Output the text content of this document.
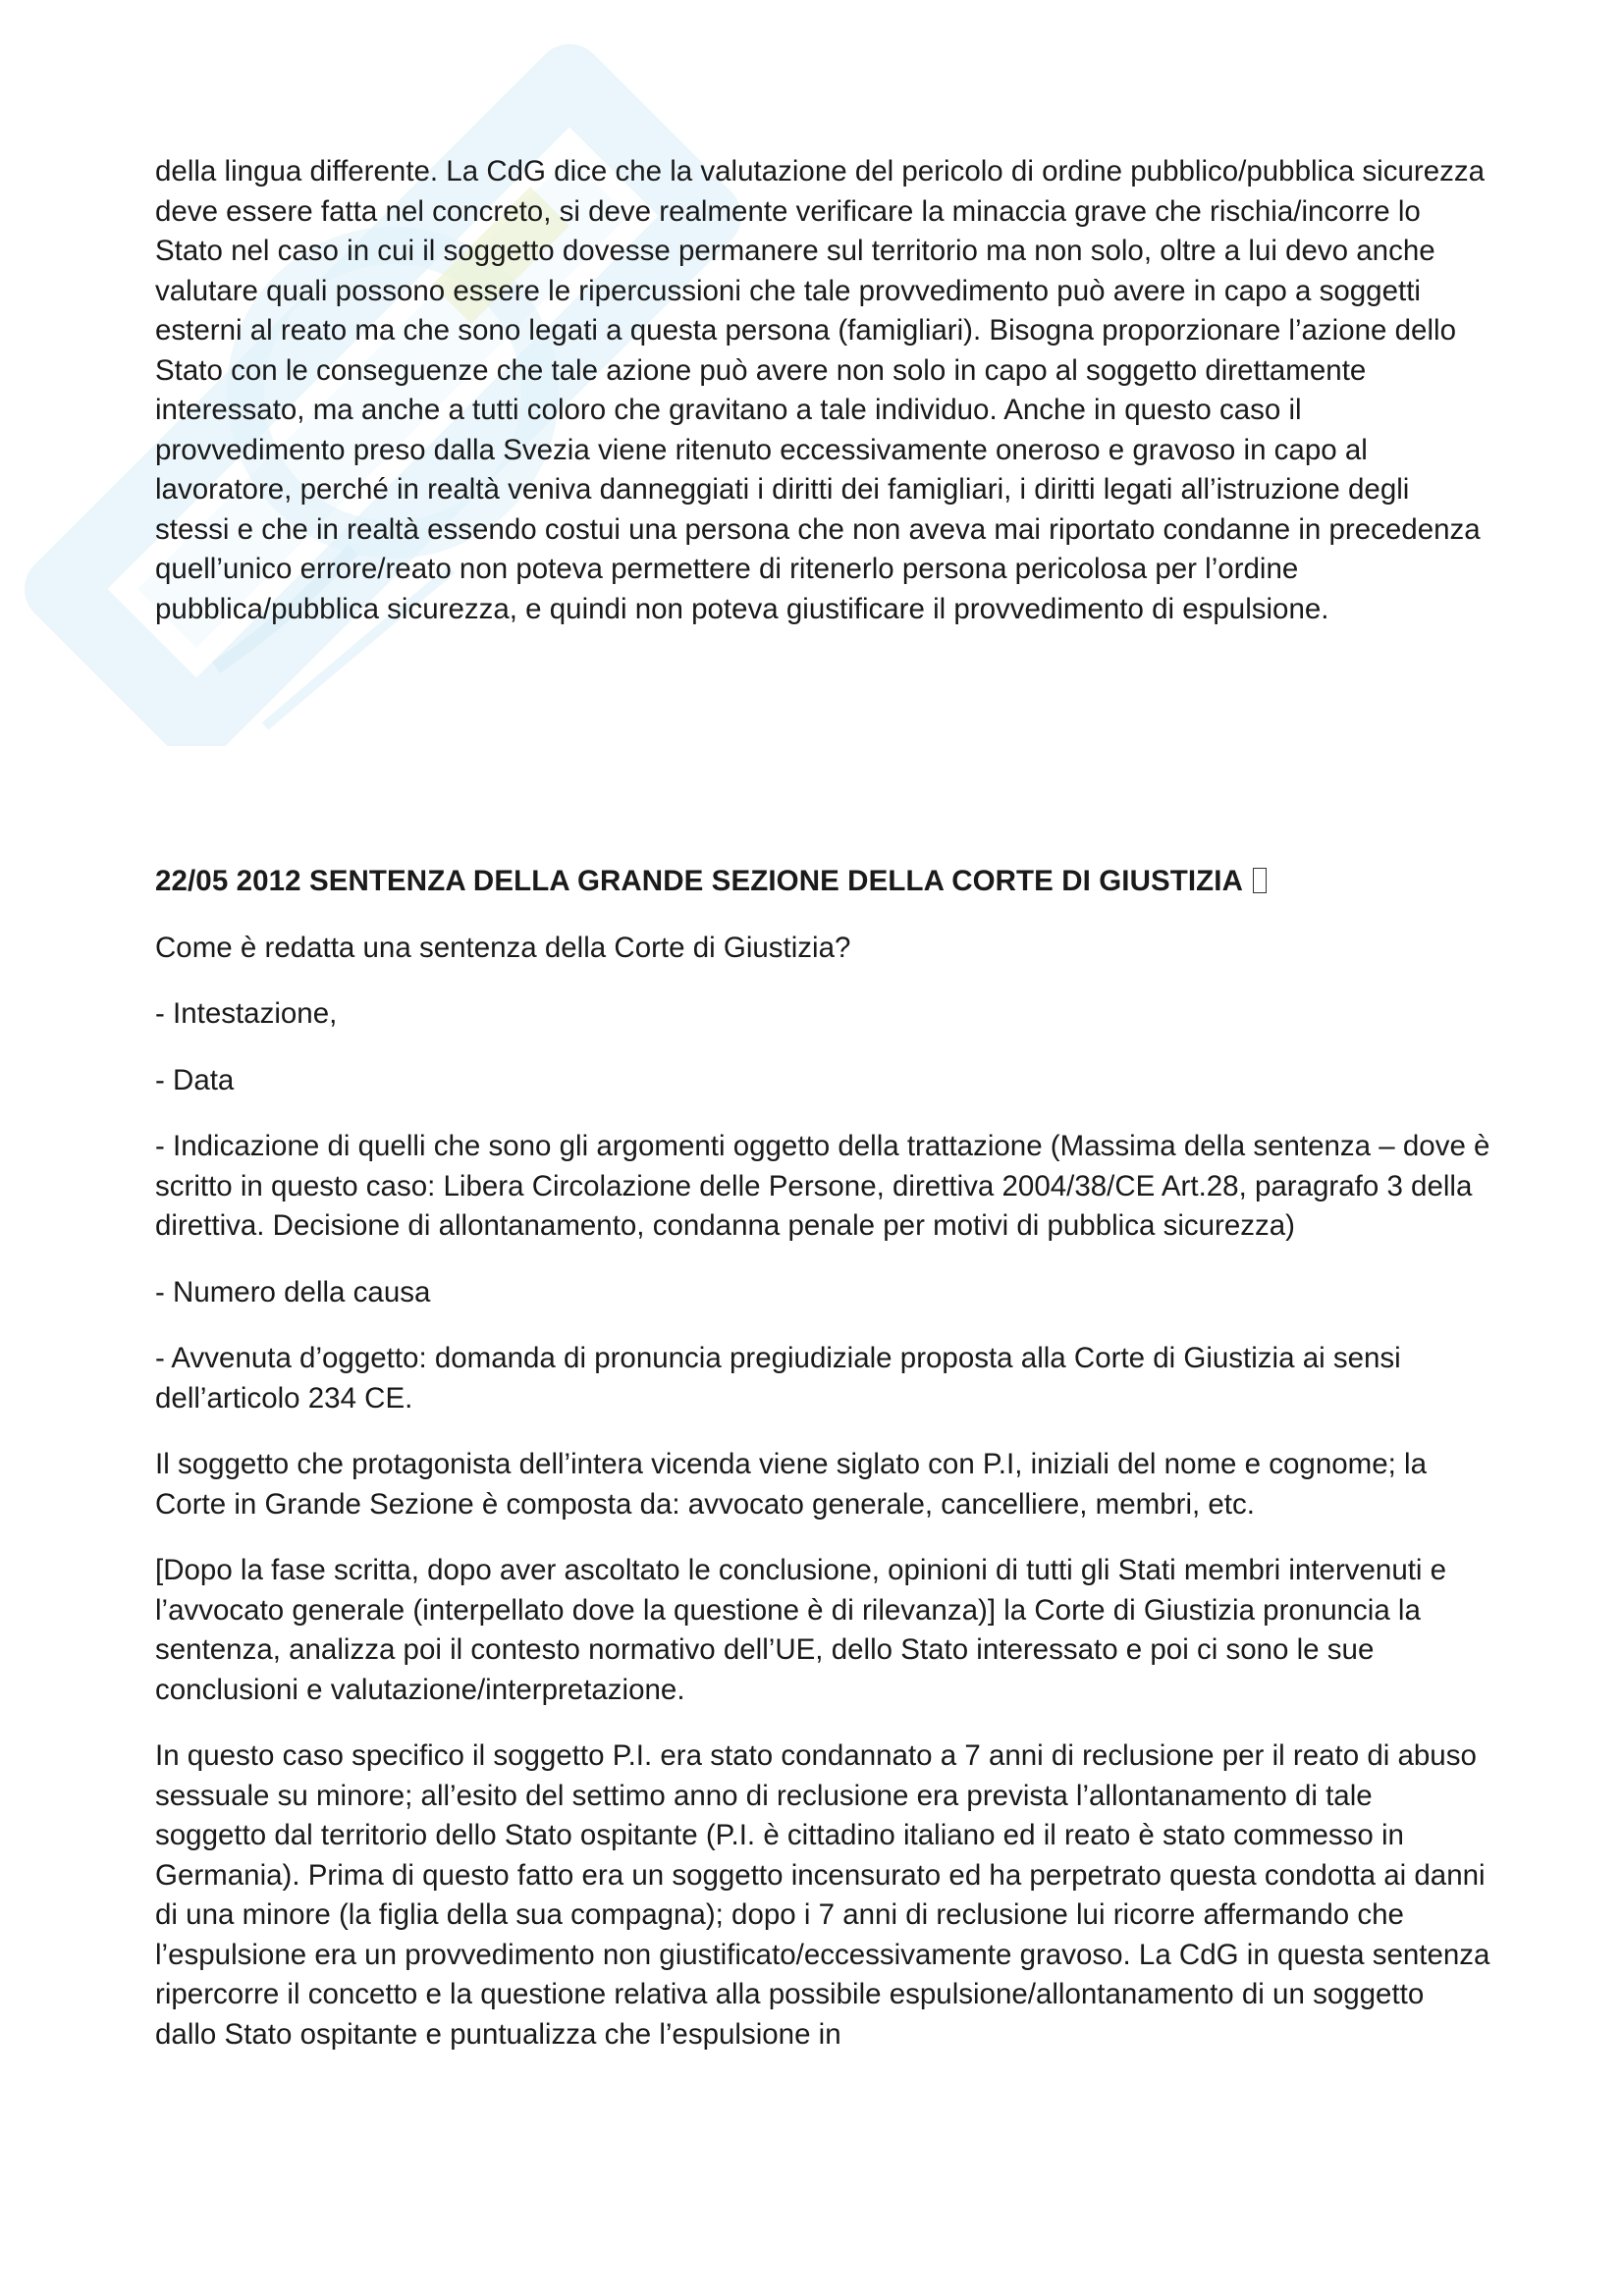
della lingua differente. La CdG dice che la valutazione del pericolo di ordine pubblico/pubblica sicurezza deve essere fatta nel concreto, si deve realmente verificare la minaccia grave che rischia/incorre lo Stato nel caso in cui il soggetto dovesse permanere sul territorio ma non solo, oltre a lui devo anche valutare quali possono essere le ripercussioni che tale provvedimento può avere in capo a soggetti esterni al reato ma che sono legati a questa persona (famigliari). Bisogna proporzionare l’azione dello Stato con le conseguenze che tale azione può avere non solo in capo al soggetto direttamente interessato, ma anche a tutti coloro che gravitano a tale individuo. Anche in questo caso il provvedimento preso dalla Svezia viene ritenuto eccessivamente oneroso e gravoso in capo al lavoratore, perché in realtà veniva danneggiati i diritti dei famigliari, i diritti legati all’istruzione degli stessi e che in realtà essendo costui una persona che non aveva mai riportato condanne in precedenza quell’unico errore/reato non poteva permettere di ritenerlo persona pericolosa per l’ordine pubblica/pubblica sicurezza, e quindi non poteva giustificare il provvedimento di espulsione.

22/05 2012 SENTENZA DELLA GRANDE SEZIONE DELLA CORTE DI GIUSTIZIA

Come è redatta una sentenza della Corte di Giustizia?

- Intestazione,

- Data

- Indicazione di quelli che sono gli argomenti oggetto della trattazione (Massima della sentenza – dove è scritto in questo caso: Libera Circolazione delle Persone, direttiva 2004/38/CE Art.28, paragrafo 3 della direttiva. Decisione di allontanamento, condanna penale per motivi di pubblica sicurezza)

- Numero della causa

- Avvenuta d’oggetto: domanda di pronuncia pregiudiziale proposta alla Corte di Giustizia ai sensi dell’articolo 234 CE.

Il soggetto che protagonista dell’intera vicenda viene siglato con P.I, iniziali del nome e cognome; la Corte in Grande Sezione è composta da: avvocato generale, cancelliere, membri, etc.

[Dopo la fase scritta, dopo aver ascoltato le conclusione, opinioni di tutti gli Stati membri intervenuti e l’avvocato generale (interpellato dove la questione è di rilevanza)] la Corte di Giustizia pronuncia la sentenza, analizza poi il contesto normativo dell’UE, dello Stato interessato e poi ci sono le sue conclusioni e valutazione/interpretazione.

In questo caso specifico il soggetto P.I. era stato condannato a 7 anni di reclusione per il reato di abuso sessuale su minore; all’esito del settimo anno di reclusione era prevista l’allontanamento di tale soggetto dal territorio dello Stato ospitante (P.I. è cittadino italiano ed il reato è stato commesso in Germania). Prima di questo fatto era un soggetto incensurato ed ha perpetrato questa condotta ai danni di una minore (la figlia della sua compagna); dopo i 7 anni di reclusione lui ricorre affermando che l’espulsione era un provvedimento non giustificato/eccessivamente gravoso. La CdG in questa sentenza ripercorre il concetto e la questione relativa alla possibile espulsione/allontanamento di un soggetto dallo Stato ospitante e puntualizza che l’espulsione in
